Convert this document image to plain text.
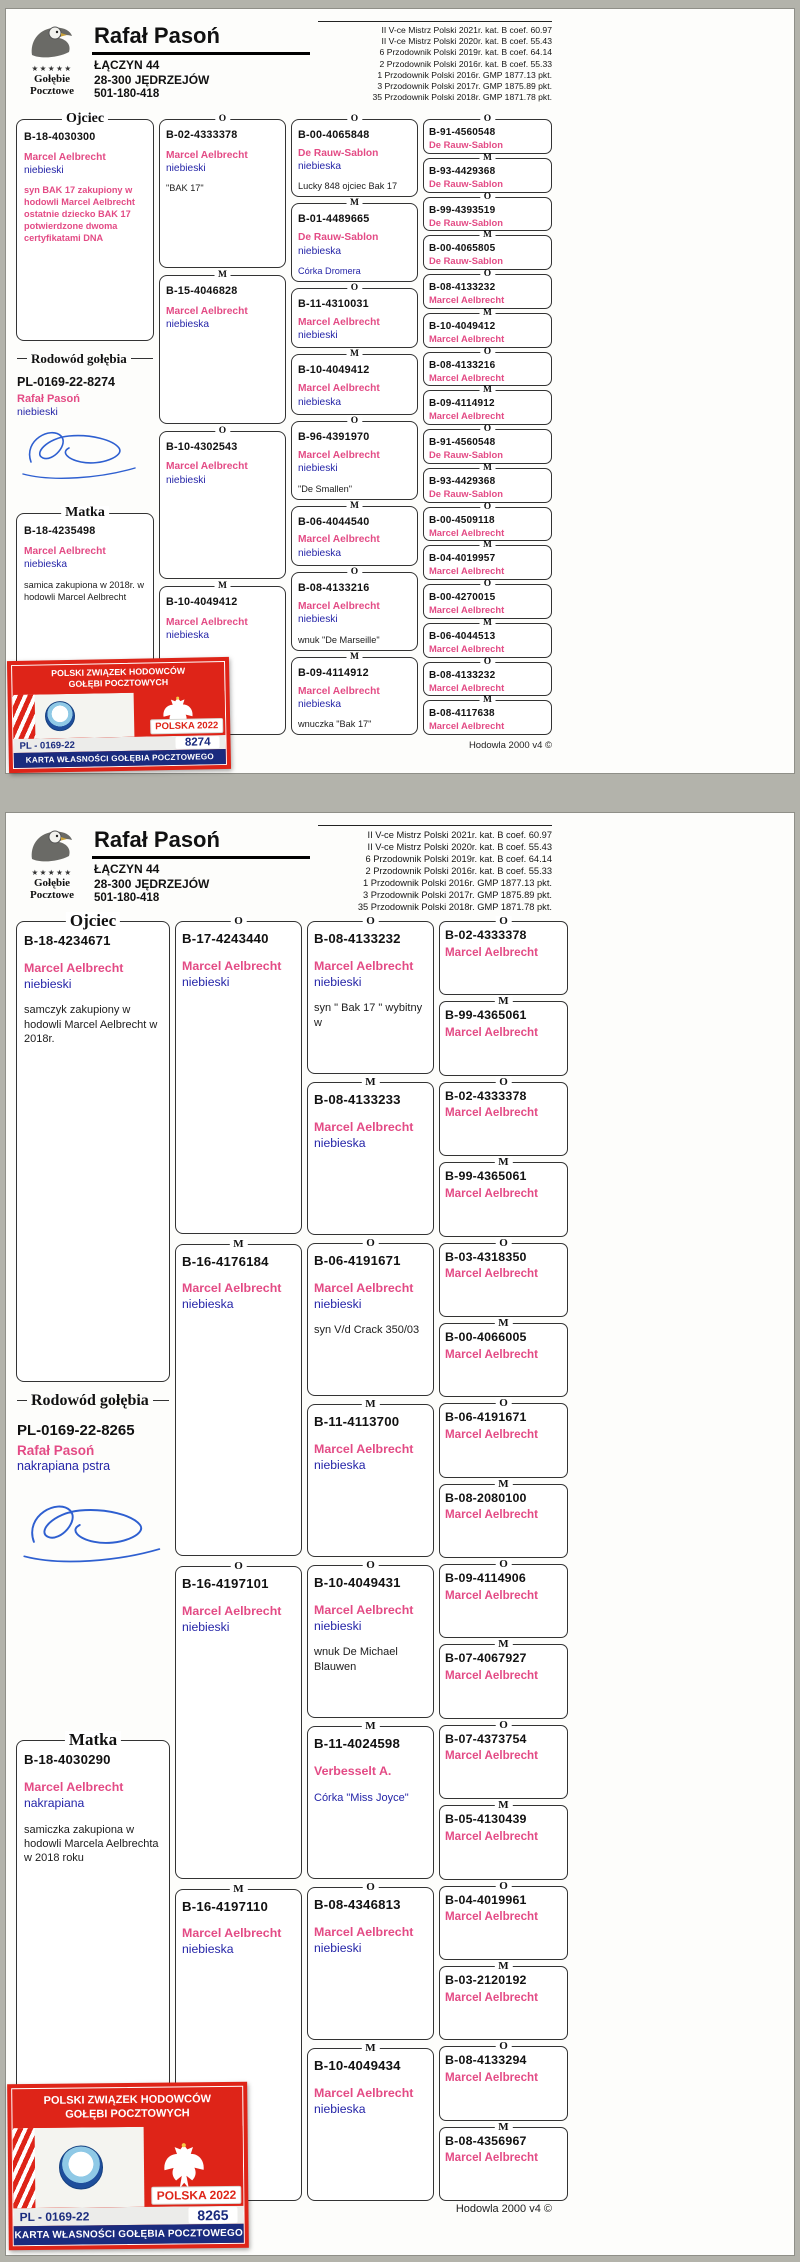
★★★★★
Gołębie
Pocztowe
Rafał Pasoń
ŁĄCZYN 44
28-300 JĘDRZEJÓW
501-180-418
II V-ce Mistrz Polski 2021r. kat. B coef. 60.97
II V-ce Mistrz Polski 2020r. kat. B coef. 55.43
6 Przodownik Polski 2019r. kat. B coef. 64.14
2 Przodownik Polski 2016r. kat. B coef. 55.33
1 Przodownik Polski 2016r. GMP 1877.13 pkt.
3 Przodownik Polski 2017r. GMP 1875.89 pkt.
35 Przodownik Polski 2018r. GMP 1871.78 pkt.
Ojciec
B-18-4030300
Marcel Aelbrecht
niebieski
syn BAK 17 zakupiony w hodowli Marcel Aelbrecht ostatnie dziecko BAK 17 potwierdzone dwoma certyfikatami DNA
Rodowód gołębia
PL-0169-22-8274
Rafał Pasoń
niebieski
Matka
B-18-4235498
Marcel Aelbrecht
niebieska
samica zakupiona w 2018r. w hodowli Marcel Aelbrecht
O
B-02-4333378
Marcel Aelbrecht
niebieski
"BAK 17"
M
B-15-4046828
Marcel Aelbrecht
niebieska
O
B-10-4302543
Marcel Aelbrecht
niebieski
M
B-10-4049412
Marcel Aelbrecht
niebieska
O
B-00-4065848
De Rauw-Sablon
niebieska
Lucky 848 ojciec Bak 17
M
B-01-4489665
De Rauw-Sablon
niebieska
Córka Dromera
O
B-11-4310031
Marcel Aelbrecht
niebieski
M
B-10-4049412
Marcel Aelbrecht
niebieska
O
B-96-4391970
Marcel Aelbrecht
niebieski
"De Smallen"
M
B-06-4044540
Marcel Aelbrecht
niebieska
O
B-08-4133216
Marcel Aelbrecht
niebieski
wnuk "De Marseille"
M
B-09-4114912
Marcel Aelbrecht
niebieska
wnuczka "Bak 17"
O
B-91-4560548
De Rauw-Sablon
M
B-93-4429368
De Rauw-Sablon
O
B-99-4393519
De Rauw-Sablon
M
B-00-4065805
De Rauw-Sablon
O
B-08-4133232
Marcel Aelbrecht
M
B-10-4049412
Marcel Aelbrecht
O
B-08-4133216
Marcel Aelbrecht
M
B-09-4114912
Marcel Aelbrecht
O
B-91-4560548
De Rauw-Sablon
M
B-93-4429368
De Rauw-Sablon
O
B-00-4509118
Marcel Aelbrecht
M
B-04-4019957
Marcel Aelbrecht
O
B-00-4270015
Marcel Aelbrecht
M
B-06-4044513
Marcel Aelbrecht
O
B-08-4133232
Marcel Aelbrecht
M
B-08-4117638
Marcel Aelbrecht
Hodowla 2000 v4 ©
POLSKI ZWIĄZEK HODOWCÓW
GOŁĘBI POCZTOWYCH
POLSKA 2022
PL - 0169-22	8274
KARTA WŁASNOŚCI GOŁĘBIA POCZTOWEGO
★★★★★
Gołębie
Pocztowe
Rafał Pasoń
ŁĄCZYN 44
28-300 JĘDRZEJÓW
501-180-418
II V-ce Mistrz Polski 2021r. kat. B coef. 60.97
II V-ce Mistrz Polski 2020r. kat. B coef. 55.43
6 Przodownik Polski 2019r. kat. B coef. 64.14
2 Przodownik Polski 2016r. kat. B coef. 55.33
1 Przodownik Polski 2016r. GMP 1877.13 pkt.
3 Przodownik Polski 2017r. GMP 1875.89 pkt.
35 Przodownik Polski 2018r. GMP 1871.78 pkt.
Ojciec
B-18-4234671
Marcel Aelbrecht
niebieski
samczyk zakupiony w hodowli Marcel Aelbrecht w 2018r.
Rodowód gołębia
PL-0169-22-8265
Rafał Pasoń
nakrapiana pstra
Matka
B-18-4030290
Marcel Aelbrecht
nakrapiana
samiczka zakupiona w hodowli Marcela Aelbrechta w 2018 roku
O
B-17-4243440
Marcel Aelbrecht
niebieski
M
B-16-4176184
Marcel Aelbrecht
niebieska
O
B-16-4197101
Marcel Aelbrecht
niebieski
M
B-16-4197110
Marcel Aelbrecht
niebieska
O
B-08-4133232
Marcel Aelbrecht
niebieski
syn " Bak 17 " wybitny w
M
B-08-4133233
Marcel Aelbrecht
niebieska
O
B-06-4191671
Marcel Aelbrecht
niebieski
syn V/d Crack 350/03
M
B-11-4113700
Marcel Aelbrecht
niebieska
O
B-10-4049431
Marcel Aelbrecht
niebieski
wnuk De Michael Blauwen
M
B-11-4024598
Verbesselt A.
Córka "Miss Joyce"
O
B-08-4346813
Marcel Aelbrecht
niebieski
M
B-10-4049434
Marcel Aelbrecht
niebieska
O
B-02-4333378
Marcel Aelbrecht
M
B-99-4365061
Marcel Aelbrecht
O
B-02-4333378
Marcel Aelbrecht
M
B-99-4365061
Marcel Aelbrecht
O
B-03-4318350
Marcel Aelbrecht
M
B-00-4066005
Marcel Aelbrecht
O
B-06-4191671
Marcel Aelbrecht
M
B-08-2080100
Marcel Aelbrecht
O
B-09-4114906
Marcel Aelbrecht
M
B-07-4067927
Marcel Aelbrecht
O
B-07-4373754
Marcel Aelbrecht
M
B-05-4130439
Marcel Aelbrecht
O
B-04-4019961
Marcel Aelbrecht
M
B-03-2120192
Marcel Aelbrecht
O
B-08-4133294
Marcel Aelbrecht
M
B-08-4356967
Marcel Aelbrecht
Hodowla 2000 v4 ©
POLSKI ZWIĄZEK HODOWCÓW
GOŁĘBI POCZTOWYCH
POLSKA 2022
PL - 0169-22	8265
KARTA WŁASNOŚCI GOŁĘBIA POCZTOWEGO
